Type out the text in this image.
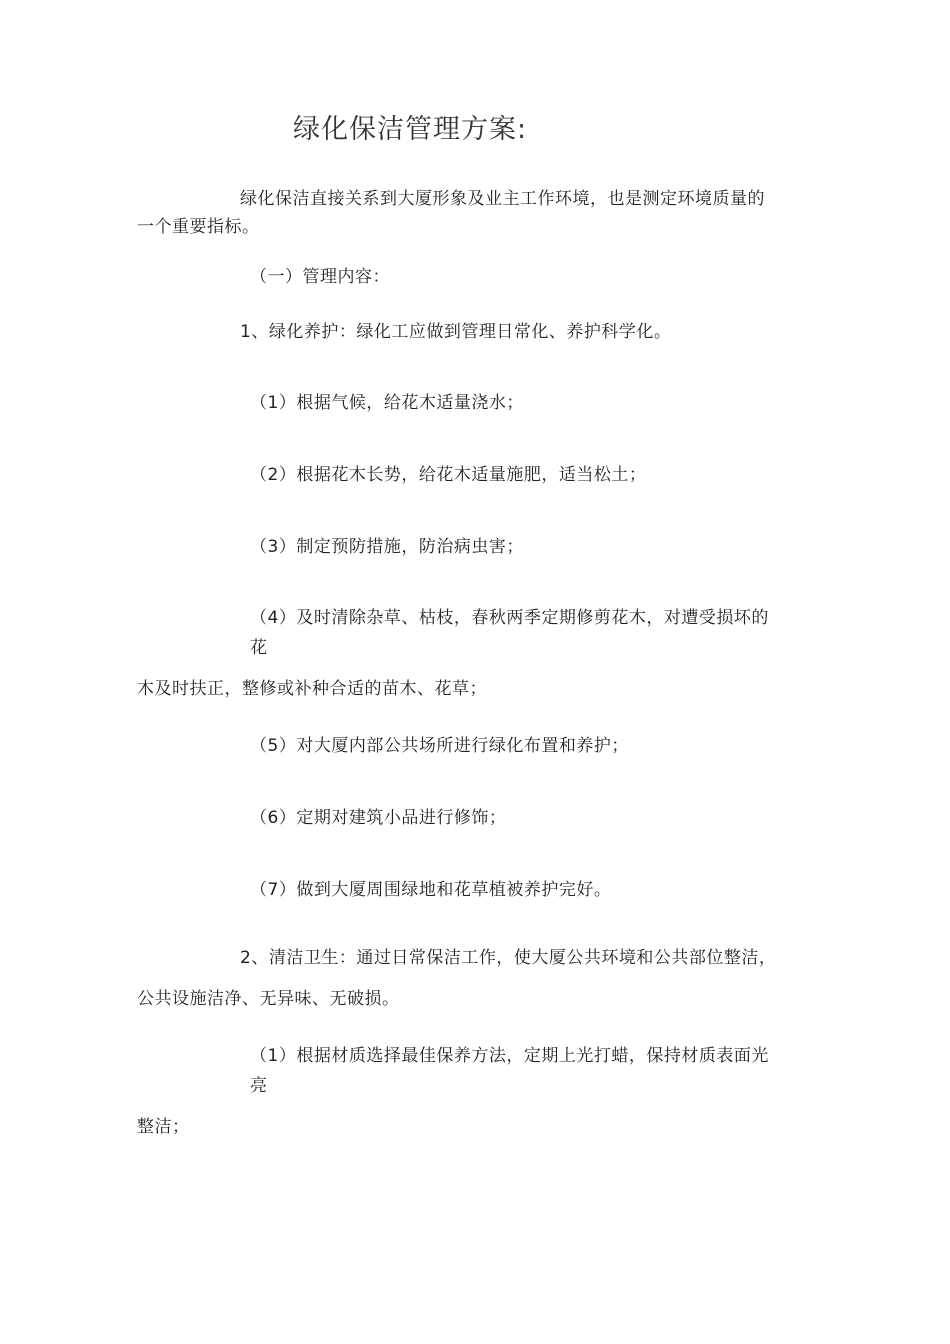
绿化保洁管理方案:
绿化保洁直接关系到大厦形象及业主工作环境，也是测定环境质量的
一个重要指标。
（一）管理内容：
1、绿化养护：绿化工应做到管理日常化、养护科学化。
（1）根据气候，给花木适量浇水；
（2）根据花木长势，给花木适量施肥，适当松土；
（3）制定预防措施，防治病虫害；
（4）及时清除杂草、枯枝，春秋两季定期修剪花木，对遭受损坏的
花
木及时扶正，整修或补种合适的苗木、花草；
（5）对大厦内部公共场所进行绿化布置和养护；
（6）定期对建筑小品进行修饰；
（7）做到大厦周围绿地和花草植被养护完好。
2、清洁卫生：通过日常保洁工作，使大厦公共环境和公共部位整洁，
公共设施洁净、无异味、无破损。
（1）根据材质选择最佳保养方法，定期上光打蜡，保持材质表面光
亮
整洁；
